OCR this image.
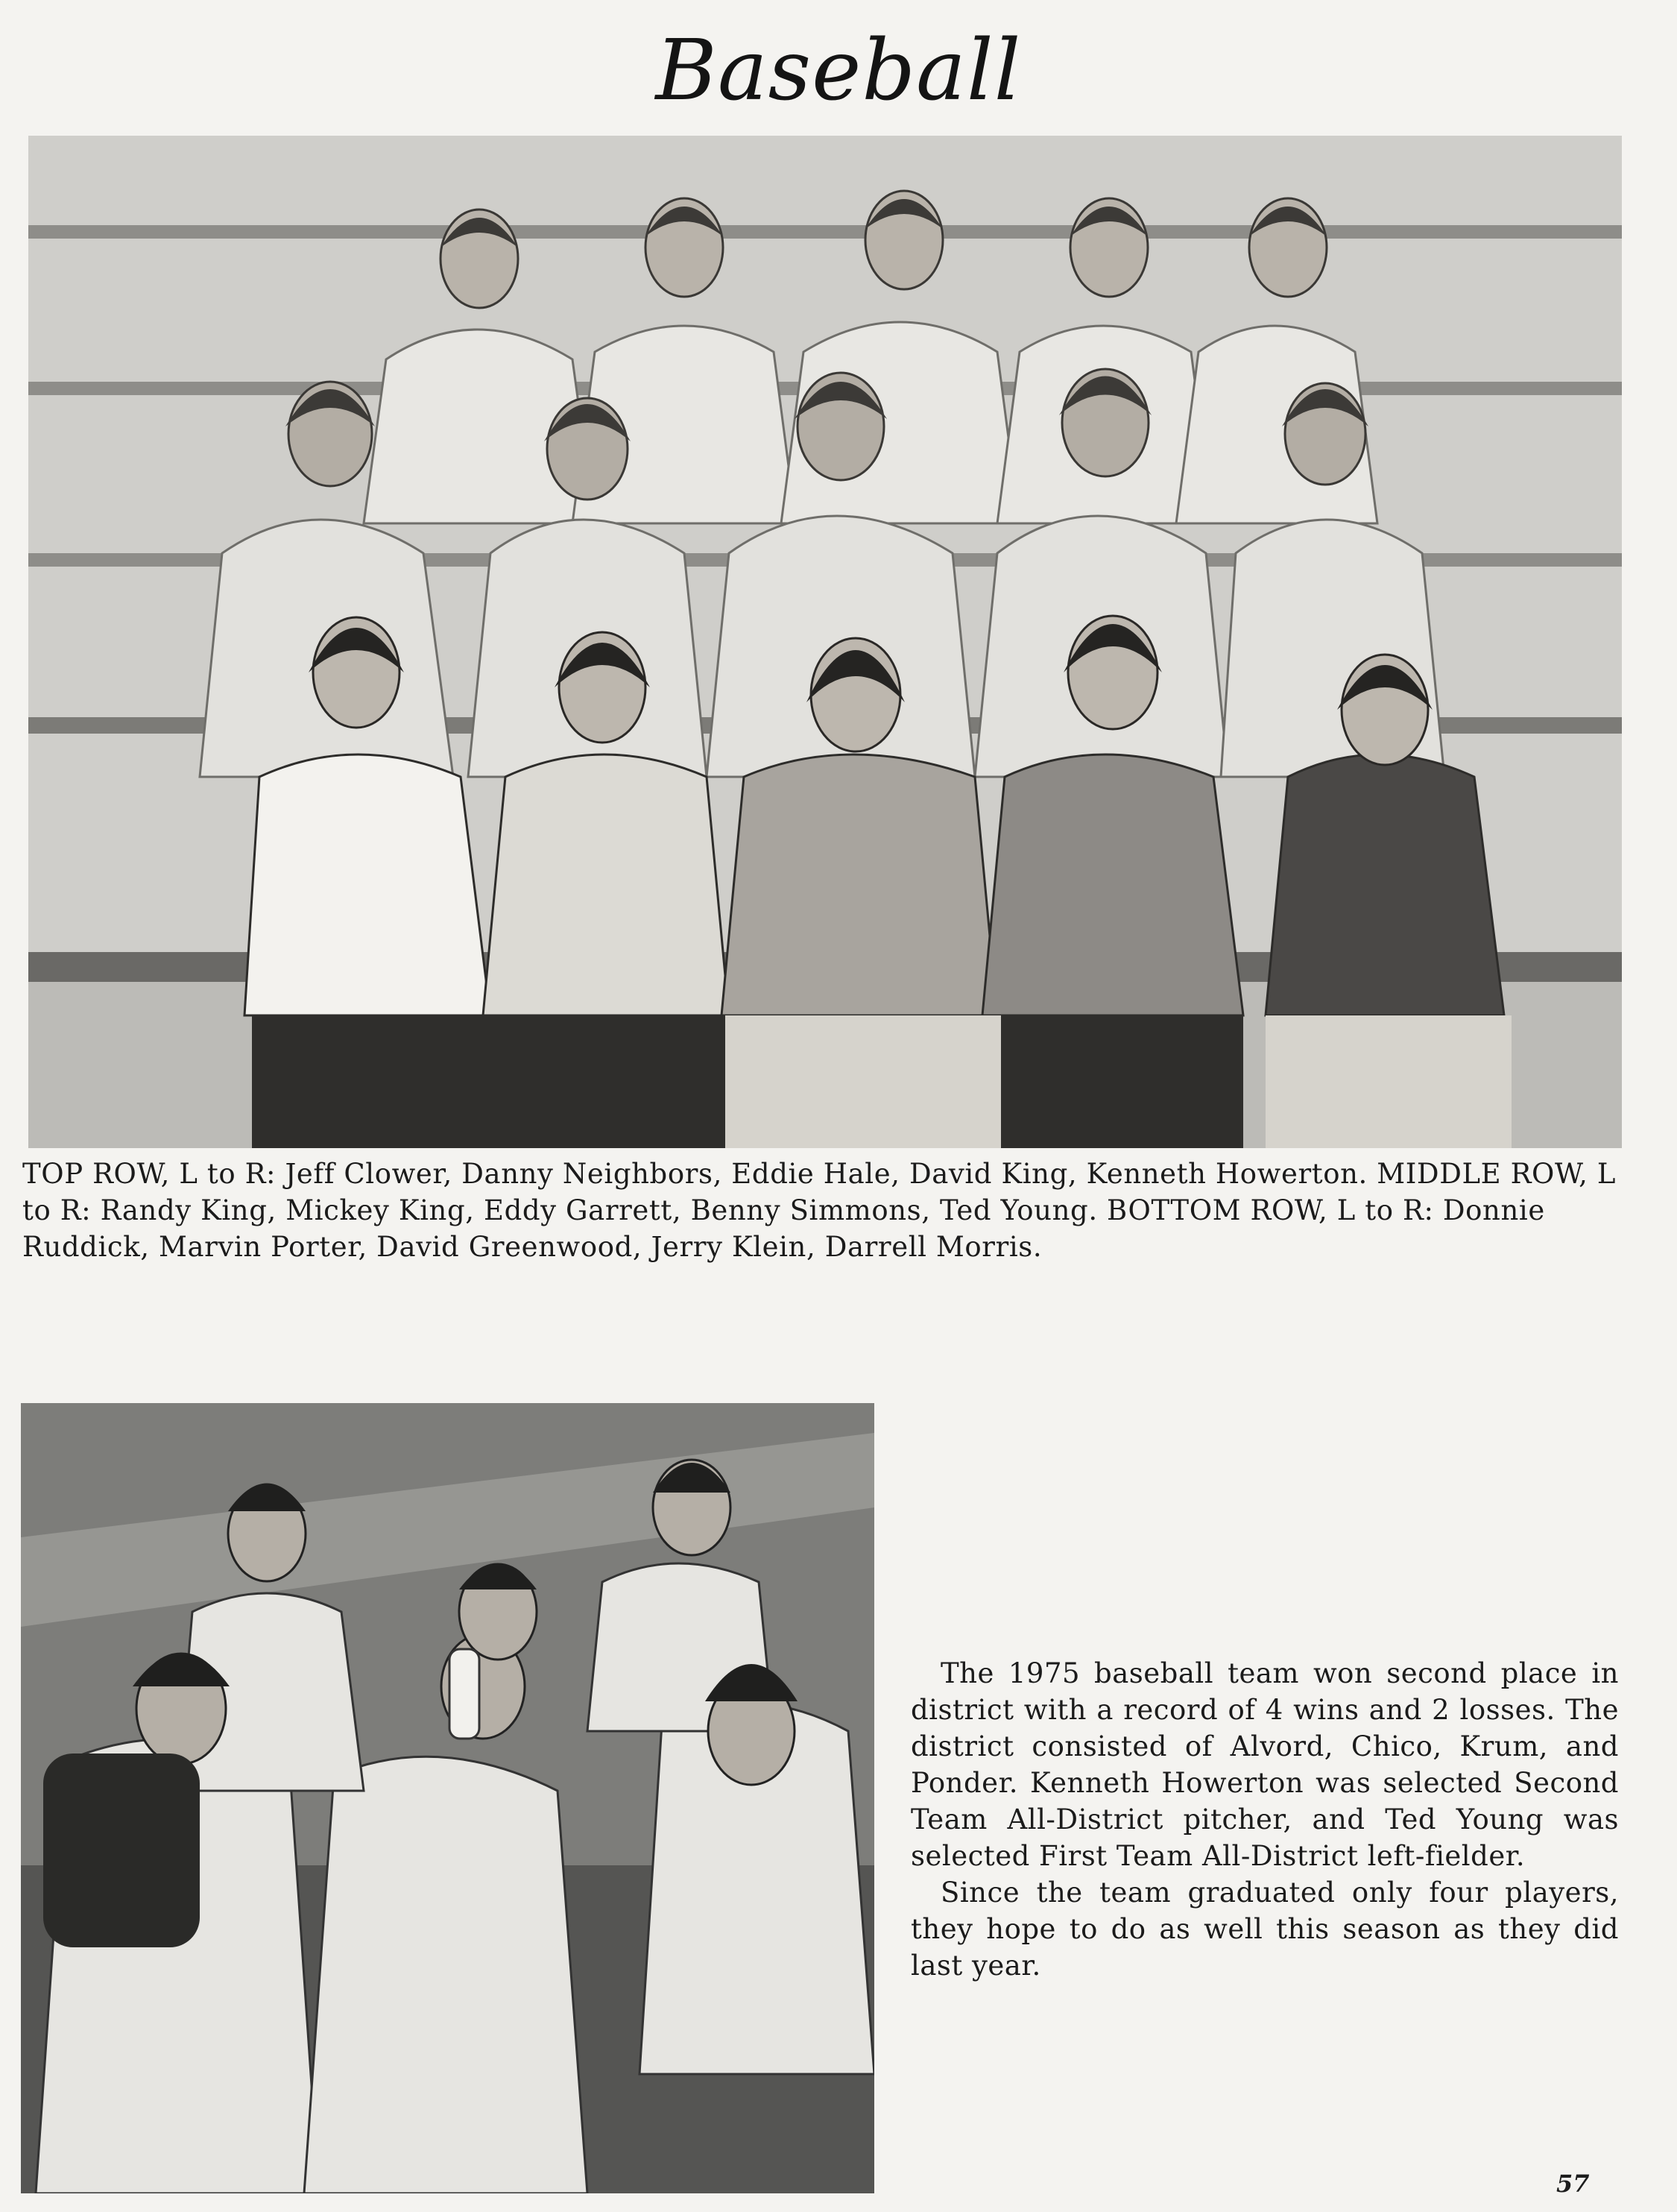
Baseball
TOP ROW, L to R: Jeff Clower, Danny Neighbors, Eddie Hale, David King, Kenneth Howerton. MIDDLE ROW, L to R: Randy King, Mickey King, Eddy Garrett, Benny Simmons, Ted Young. BOTTOM ROW, L to R: Donnie Ruddick, Marvin Porter, David Greenwood, Jerry Klein, Darrell Morris.

The 1975 baseball team won second place in district with a record of 4 wins and 2 losses. The district consisted of Alvord, Chico, Krum, and Ponder. Kenneth Howerton was selected Second Team All-District pitcher, and Ted Young was selected First Team All-District left-fielder.

Since the team graduated only four players, they hope to do as well this season as they did last year.

57
